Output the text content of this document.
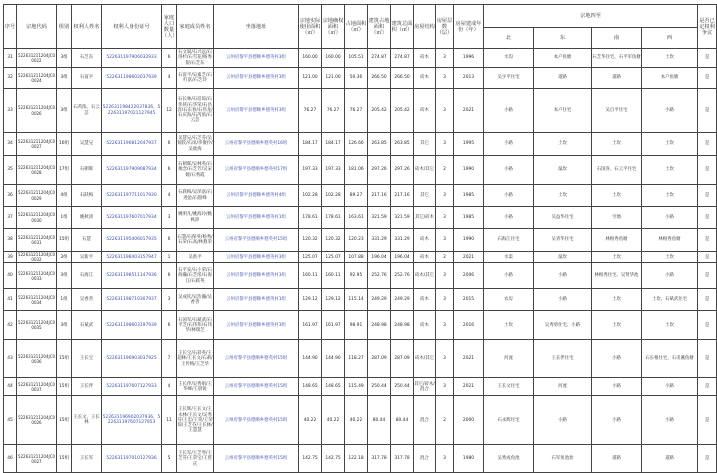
序号	宗地代码	组别	权利人姓名	权利人身份证号	家庭人口数量（人）	家庭成员姓名	坐落地址	宗地实际使用面积（㎡）	宗地确权面积（㎡）	占地面积（㎡）	建筑占地面积（㎡）	建筑总面积（㎡）	房屋结构	房屋层数（层）	房屋建成年份（年）	宗地四至				是否已定权利争议
																北	东	南	西	
31	522631211204JC00022	3组	石芝东	522631197906032933	6	石文斌/石兴远/石洛杉/石雪花/杨秀银/石芝东	云州府黎平县德顺乡德英村3组	160.00	160.00	105.51	274.87	274.87	砖木	3	1996	水沟	本户鱼塘	石芝华住宅、石平军鱼塘	土坎	是
32	522631211204JC00024	3组	石富平	522631198602037939	4	石富平/吴素芝/石红富/石芝玲	云州府黎平县德顺乡德英村3组	121.00	121.00	50.36	266.50	266.50	砖木	3	2013	吴少平住宅	道路	道路	本户鱼塘	是
33	522631211204JC00026	3组	石芮浓、石云芸	522631198422037836、522631197021127945	12	石长林/石培琼/石伟侠/石华荣/石昌容/石东春/石伟龙/石庆海/石芮浓/石云芸	云州府黎平县德顺乡德英村3组	76.27	76.27	76.27	205.42	205.42	砖木	3	2021	小路	本户住宅	吴自平住宅	小路	是
34	522631211204JC00027	16组	吴慧兄	522631196812047937	6	吴慧兄/石芝芬/吴锦钦/石凤/李俊伶/吴欲海	云州府黎平县德顺乡德英村16组	184.17	184.17	126.66	263.85	263.85	其它	3	1995	小路	土坎	土坎	土坎	是
35	522631211204JC00028	17组	石朝晖	522631197909087934	6	石朝晖/吴林英/石俊念/石芝芳/吴宋媛/石秀霞	云州府黎平县德顺乡德英村17组	197.33	197.33	181.06	297.26	297.26	砖木/其它	2	1990	小路	鼠坎	石国喜、石云平住宅	土坎	是
36	522631211204JC00029	4组	石跃梅	522631197711017930	4	石跃梅/吴泽富/石进沧/石银峰	云州府黎平县德顺乡德英村4组	102.28	102.28	89.27	217.16	217.16	其它	3	1985	小路	土坎	土坎	土坎	是
37	522631211204JC00030	1组	姚秋沛	522631197607017934	3	姚明凡/姚海玲/姚秋沛	云州府黎平县德顺乡德英村1组	178.61	178.61	163.61	321.59	321.59	其它/砖木	3	1985	小路	吴益华住宅	空地	小路	是
38	522631211204JC00031	15组	石慧	522631195406017935	6	石慧/石保英/杨秀/石荣/石高/林燕荣	云州府黎平县德顺乡德英村15组	120.32	120.32	120.23	331.29	331.29	砖木	3	1990	石海江住宅	吴青华住宅	林根秀鱼塘	林根秀鱼塘	是
39	522631211204JC00032	3组	吴新平	522631198403157947	1	吴新平	云州府黎平县德顺乡德英村3组	125.07	125.07	107.88	196.04	196.04	砖木	2	2021	水渠	鼠坎	土坎	土坎	是
40	522631211204JC00033	3组	石海江	522631198511147936	6	石平安/石小荣/石海瀚/石芝彤/石海江/石跃英	云州府黎平县德顺乡德英村3组	160.11	160.11	92.95	252.76	252.76	砖木/其它	3	2006	小路	小路	林根秀住宅、吴贤华池	小路	是
41	522631211204JC00034	1组	吴香善	522631198710307937	3	吴成钦/吴浩瀚/吴香善	云州府黎平县德顺乡德英村1组	129.12	129.12	115.14	249.29	249.29	砖木	3	2015	农房	小路	土坎	土坎、石斌武住宅	是
42	522631211204JC00035	3组	石斌武	522631198603197939	6	石国军/石斌武/石平芝/石伟伟/石伟华/林瑞芝	云州府黎平县德顺乡德英村3组	161.97	161.97	98.91	248.98	248.98	砖木	3	2016	土坎	吴秀勇住宅、小路	土坎	土坎	是
43	522631211204JC00036	15组	王长宝	522631196903037925	7	王长宝/石彩英/王超林/王长文/石莉/王传梅/王芝华	云州府黎平县德顺乡德英村15组	144.90	144.90	118.27	287.09	287.09	砖木/其它	3	2021	河流	王长伴住宅	小路	石长根住宅、石炎溪鱼塘	是
44	522631211204JC00037	15组	王长伴	522631197607127933	4	王长伴/吴秀娟/王华峰/王晨锐	云州府黎平县德顺乡德英村15组	148.65	148.65	115.49	250.44	250.44	其它/砖木/混合	3	2021	王长文住宅	河流	小路	小路	是
45	522631211204JC00026	15组	王长文、王长林	522631196902037936、522631197607127953	11	王长辉/王长文/王永林/王长文/吴秀芬/王忠/王荣/王荣琼/王芝芬/王长林/王慧慧	云州府黎平县德顺乡德英村15组	40.22	40.22	40.22	80.44	80.44	混合	2	2000	石永辉住宅	小路	小路	小路	是
46	522631211204JC00027	15组	王长军	522631197010127936	5	王长军/王芝琴/王芝芬/王荣宝/王慈庆	云州府黎平县德顺乡德英村15组	142.75	142.75	122.18	317.78	317.78	混合	3	1980	吴秀成鱼池	石军鱼池坎	道路	道路	是
